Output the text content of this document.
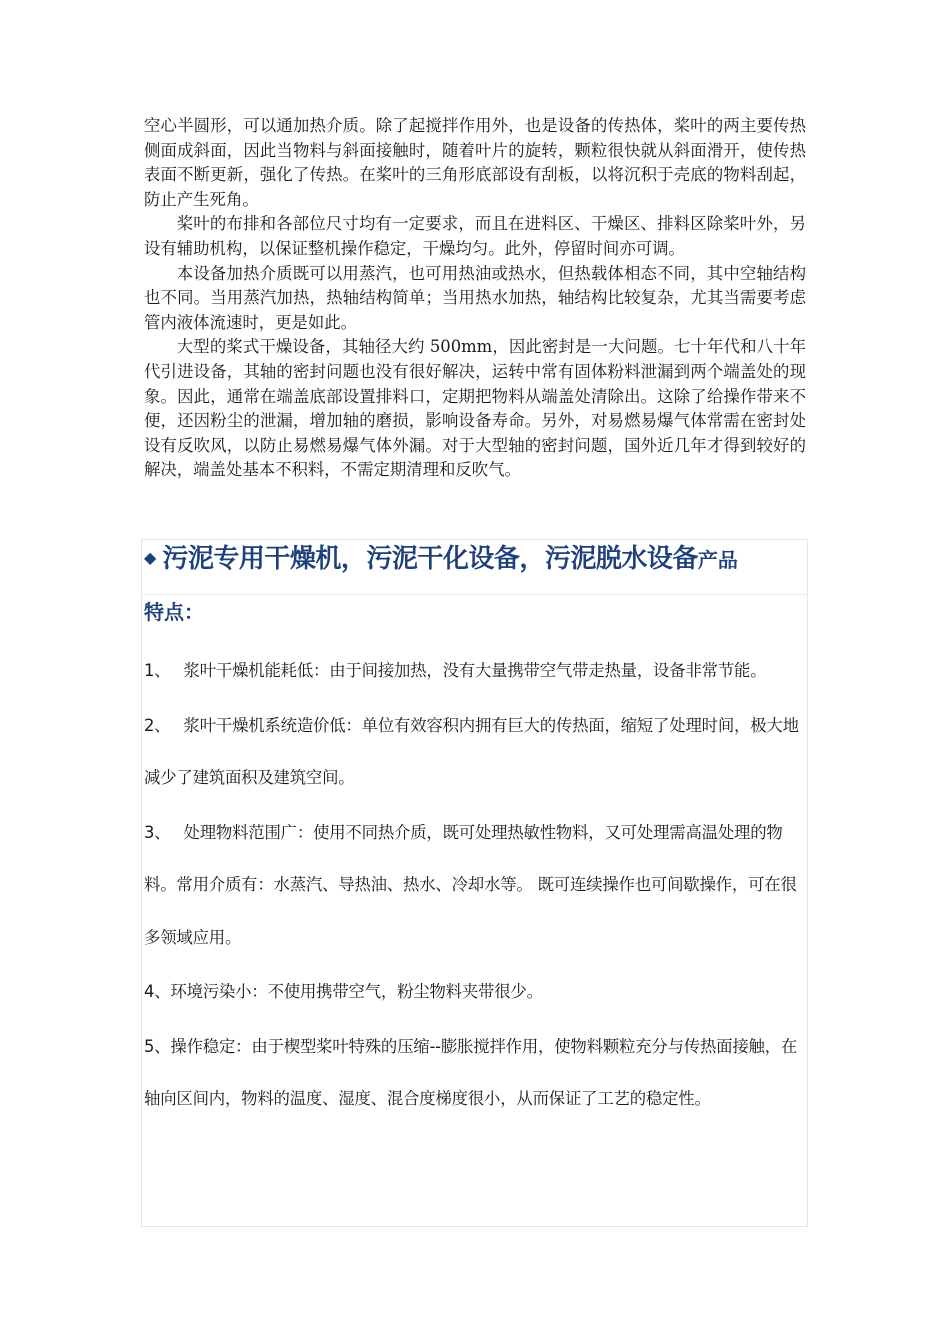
空心半圆形，可以通加热介质。除了起搅拌作用外，也是设备的传热体，桨叶的两主要传热侧面成斜面，因此当物料与斜面接触时，随着叶片的旋转，颗粒很快就从斜面滑开，使传热表面不断更新，强化了传热。在桨叶的三角形底部设有刮板，以将沉积于壳底的物料刮起，防止产生死角。

桨叶的布排和各部位尺寸均有一定要求，而且在进料区、干燥区、排料区除桨叶外，另设有辅助机构，以保证整机操作稳定，干燥均匀。此外，停留时间亦可调。

本设备加热介质既可以用蒸汽，也可用热油或热水，但热载体相态不同，其中空轴结构也不同。当用蒸汽加热，热轴结构简单；当用热水加热，轴结构比较复杂，尤其当需要考虑管内液体流速时，更是如此。

大型的桨式干燥设备，其轴径大约 500mm，因此密封是一大问题。七十年代和八十年代引进设备，其轴的密封问题也没有很好解决，运转中常有固体粉料泄漏到两个端盖处的现象。因此，通常在端盖底部设置排料口，定期把物料从端盖处清除出。这除了给操作带来不便，还因粉尘的泄漏，增加轴的磨损，影响设备寿命。另外，对易燃易爆气体常需在密封处设有反吹风，以防止易燃易爆气体外漏。对于大型轴的密封问题，国外近几年才得到较好的解决，端盖处基本不积料，不需定期清理和反吹气。

◆ 污泥专用干燥机，污泥干化设备，污泥脱水设备产品
特点：

1、 浆叶干燥机能耗低：由于间接加热，没有大量携带空气带走热量，设备非常节能。

2、 浆叶干燥机系统造价低：单位有效容积内拥有巨大的传热面，缩短了处理时间，极大地减少了建筑面积及建筑空间。

3、 处理物料范围广：使用不同热介质，既可处理热敏性物料，又可处理需高温处理的物料。常用介质有：水蒸汽、导热油、热水、冷却水等。 既可连续操作也可间歇操作，可在很多领域应用。

4、环境污染小：不使用携带空气，粉尘物料夹带很少。

5、操作稳定：由于楔型桨叶特殊的压缩--膨胀搅拌作用，使物料颗粒充分与传热面接触，在轴向区间内，物料的温度、湿度、混合度梯度很小，从而保证了工艺的稳定性。
